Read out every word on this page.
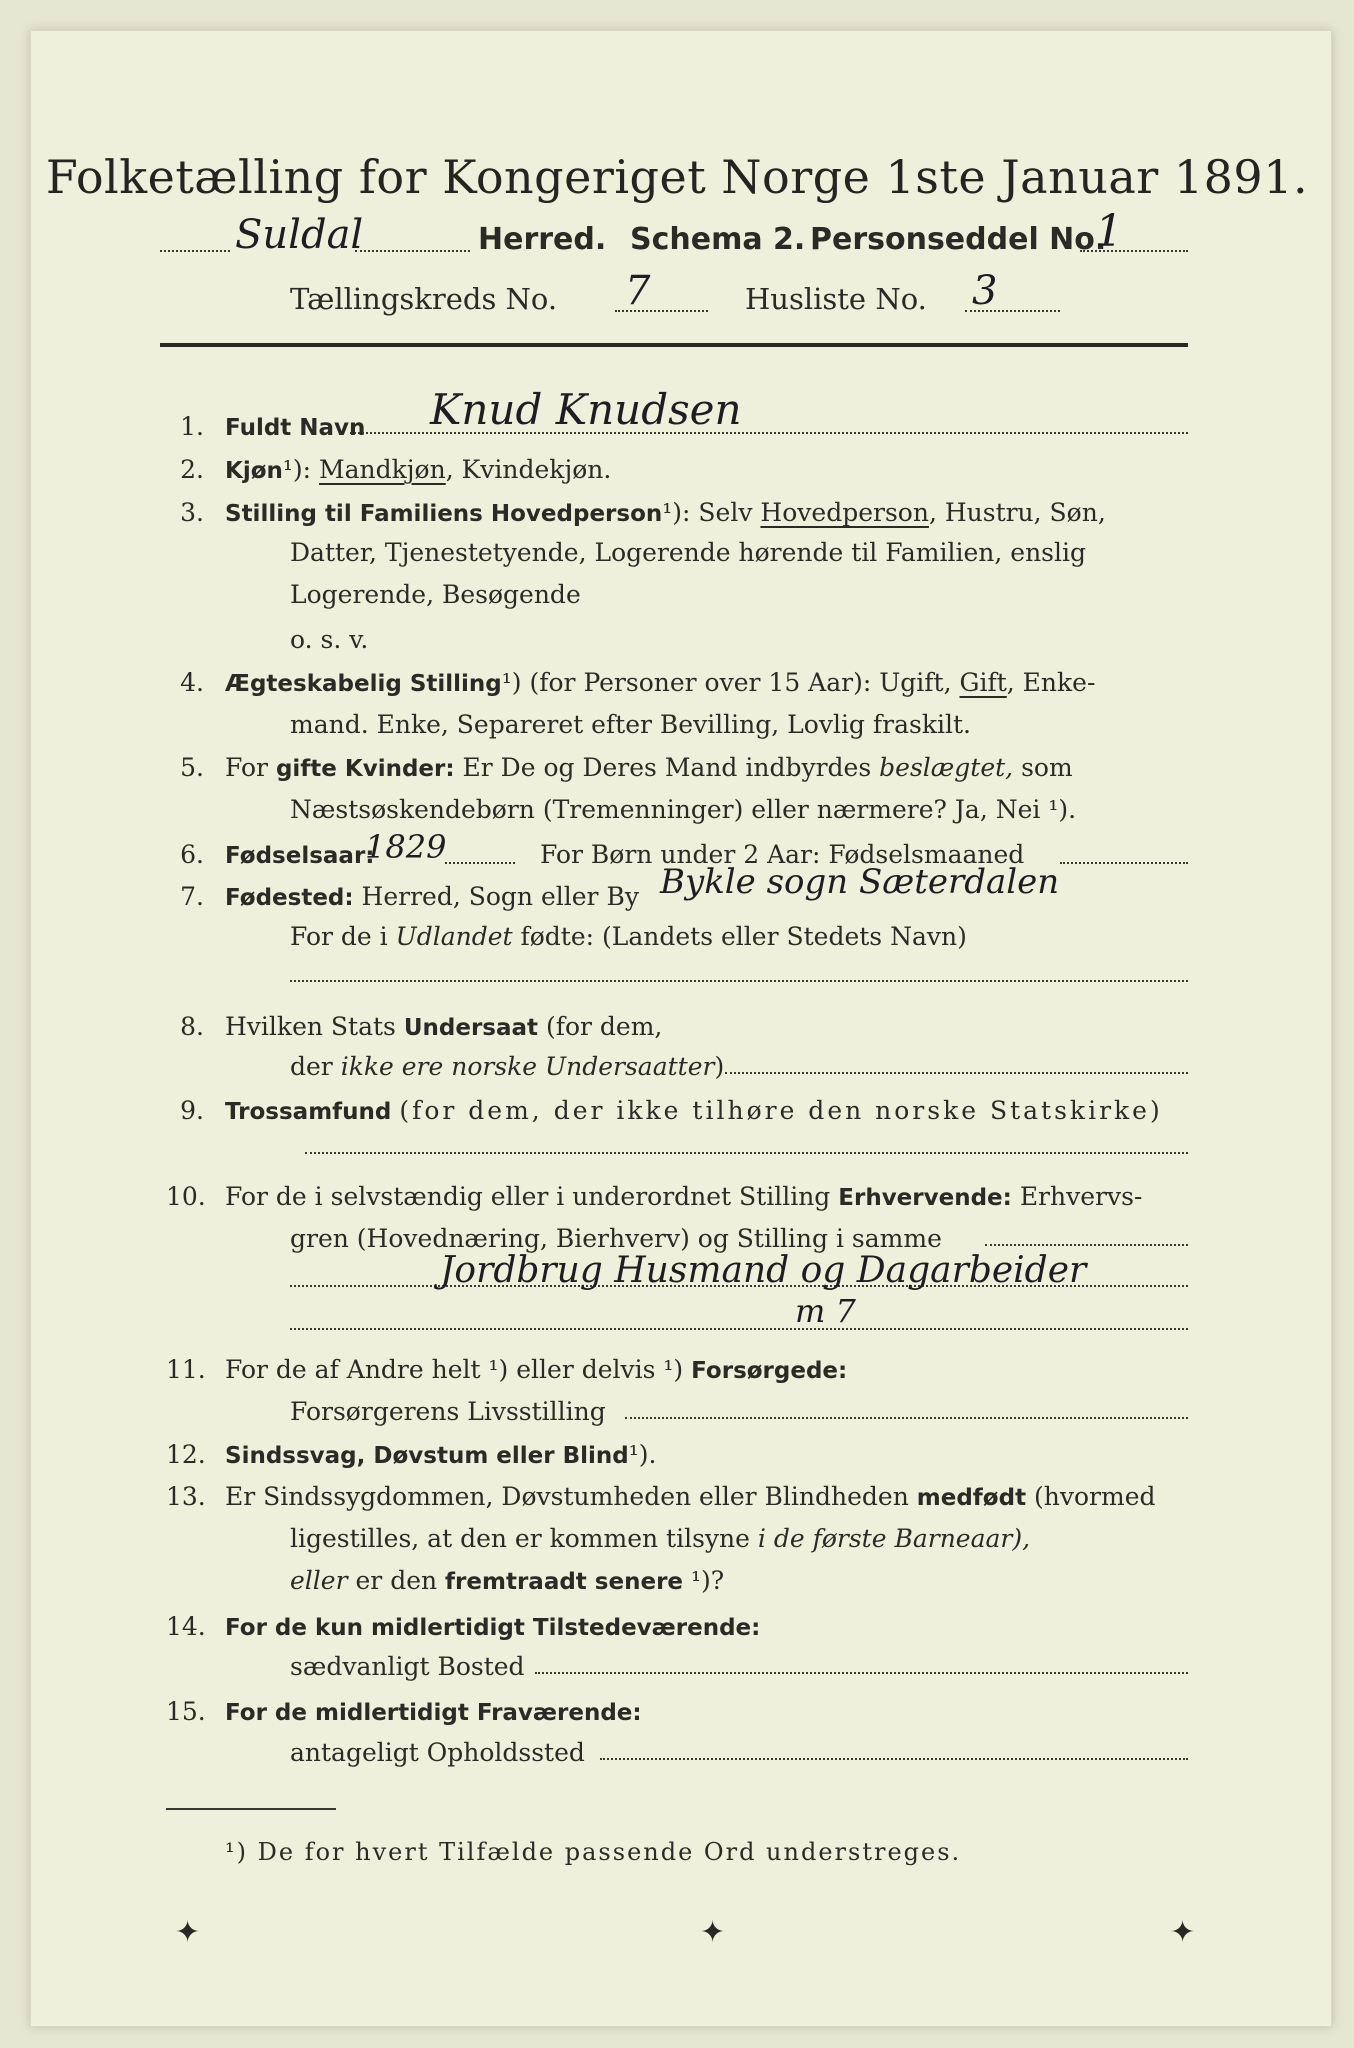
Folketælling for Kongeriget Norge 1ste Januar 1891.
Suldal	Herred. Schema 2. Personseddel No.
1
Tællingskreds No. 7	Husliste No. 3
1. Fuldt Navn Knud Knudsen
2. Kjøn¹): Mandkjøn, Kvindekjøn.
3. Stilling til Familiens Hovedperson¹): Selv Hovedperson, Hustru, Søn,
Datter, Tjenestetyende, Logerende hørende til Familien, enslig
Logerende, Besøgende
o. s. v.
4. Ægteskabelig Stilling¹) (for Personer over 15 Aar): Ugift, Gift, Enke-
mand. Enke, Separeret efter Bevilling, Lovlig fraskilt.
5. For gifte Kvinder: Er De og Deres Mand indbyrdes beslægtet, som
Næstsøskendebørn (Tremenninger) eller nærmere? Ja, Nei ¹).
6. Fødselsaar:
1829	For Børn under 2 Aar: Fødselsmaaned
7. Fødested: Herred, Sogn eller By Bykle sogn Sæterdalen
For de i Udlandet fødte: (Landets eller Stedets Navn)
8. Hvilken Stats Undersaat (for dem,
der ikke ere norske Undersaatter)
9. Trossamfund (for dem, der ikke tilhøre den norske Statskirke)
10. For de i selvstændig eller i underordnet Stilling Erhvervende: Erhvervs-
gren (Hovednæring, Bierhverv) og Stilling i samme
Jordbrug Husmand og Dagarbeider
m 7
11. For de af Andre helt ¹) eller delvis ¹) Forsørgede:
Forsørgerens Livsstilling
12. Sindssvag, Døvstum eller Blind¹).
13. Er Sindssygdommen, Døvstumheden eller Blindheden medfødt (hvormed
ligestilles, at den er kommen tilsyne i de første Barneaar),
eller er den fremtraadt senere ¹)?
14. For de kun midlertidigt Tilstedeværende:
sædvanligt Bosted
15. For de midlertidigt Fraværende:
antageligt Opholdssted
¹) De for hvert Tilfælde passende Ord understreges.
✦	✦	✦
